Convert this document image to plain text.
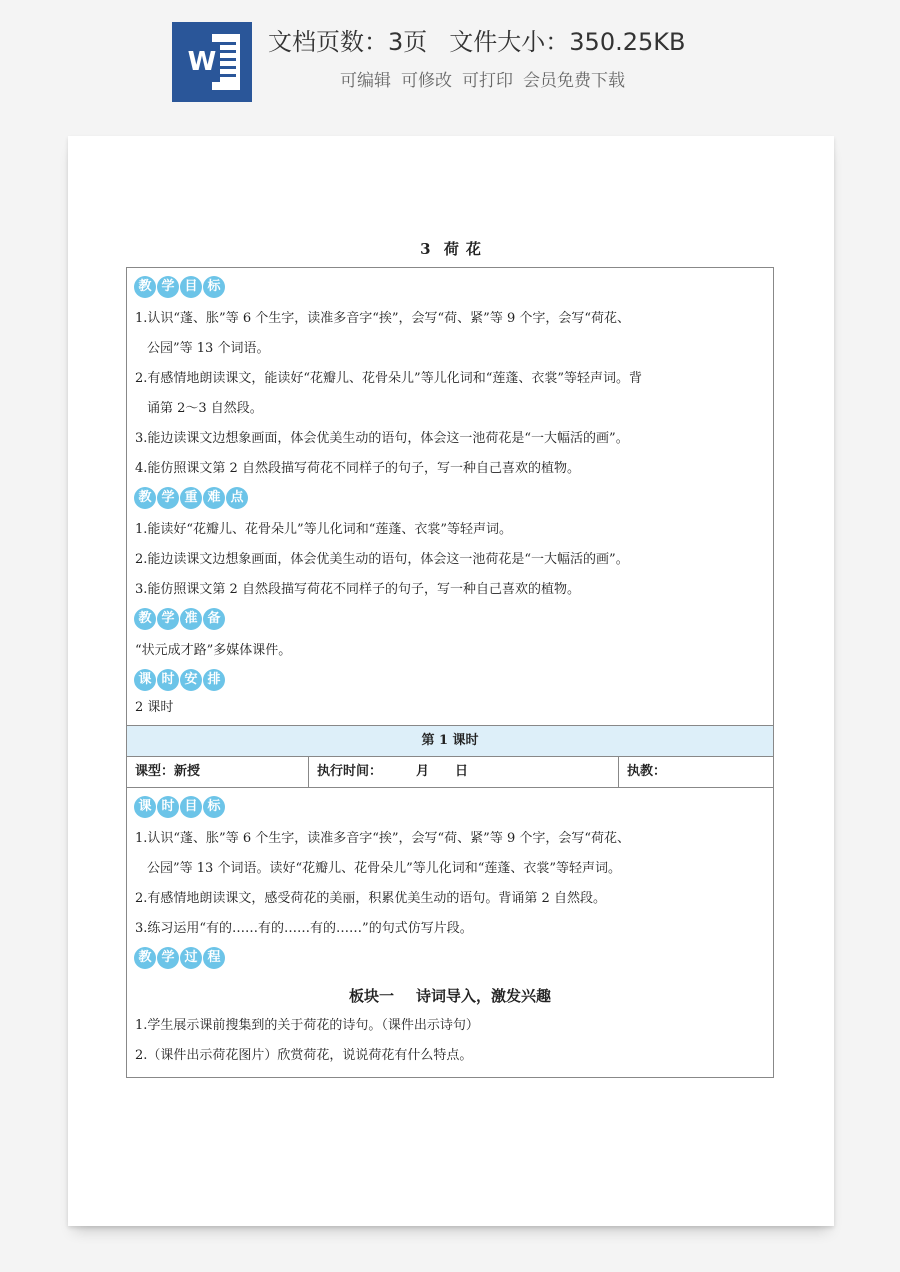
W
文档页数：3页 文件大小：350.25KB
可编辑 可修改 可打印 会员免费下载
3 荷 花
教 学 目 标
1.认识“蓬、胀”等 6 个生字，读准多音字“挨”，会写“荷、紧”等 9 个字，会写“荷花、
公园”等 13 个词语。
2.有感情地朗读课文，能读好“花瓣儿、花骨朵儿”等儿化词和“莲蓬、衣裳”等轻声词。背
诵第 2～3 自然段。
3.能边读课文边想象画面，体会优美生动的语句，体会这一池荷花是“一大幅活的画”。
4.能仿照课文第 2 自然段描写荷花不同样子的句子，写一种自己喜欢的植物。
教 学 重 难 点
1.能读好“花瓣儿、花骨朵儿”等儿化词和“莲蓬、衣裳”等轻声词。
2.能边读课文边想象画面，体会优美生动的语句，体会这一池荷花是“一大幅活的画”。
3.能仿照课文第 2 自然段描写荷花不同样子的句子，写一种自己喜欢的植物。
教 学 准 备
“状元成才路”多媒体课件。
课 时 安 排
2 课时
第 1 课时
课型：新授	执行时间：	月 日	执教：
课 时 目 标
1.认识“蓬、胀”等 6 个生字，读准多音字“挨”，会写“荷、紧”等 9 个字，会写“荷花、
公园”等 13 个词语。读好“花瓣儿、花骨朵儿”等儿化词和“莲蓬、衣裳”等轻声词。
2.有感情地朗读课文，感受荷花的美丽，积累优美生动的语句。背诵第 2 自然段。
3.练习运用“有的……有的……有的……”的句式仿写片段。
教 学 过 程
板块一 诗词导入，激发兴趣
1.学生展示课前搜集到的关于荷花的诗句。（课件出示诗句）
2.（课件出示荷花图片）欣赏荷花，说说荷花有什么特点。
